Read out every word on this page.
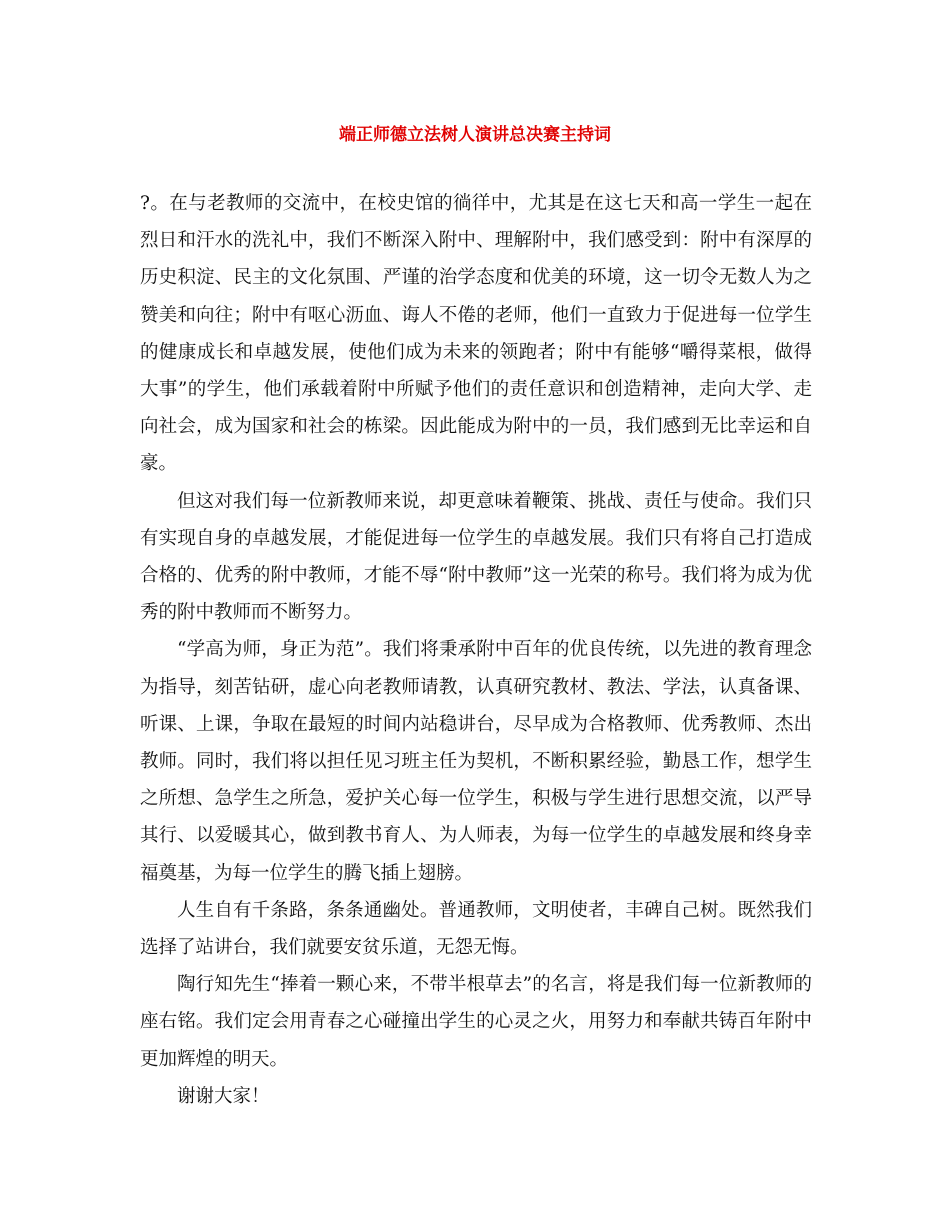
端正师德立法树人演讲总决赛主持词

?。在与老教师的交流中，在校史馆的徜徉中，尤其是在这七天和高一学生一起在烈日和汗水的洗礼中，我们不断深入附中、理解附中，我们感受到：附中有深厚的历史积淀、民主的文化氛围、严谨的治学态度和优美的环境，这一切令无数人为之赞美和向往；附中有呕心沥血、诲人不倦的老师，他们一直致力于促进每一位学生的健康成长和卓越发展，使他们成为未来的领跑者；附中有能够“嚼得菜根，做得大事”的学生，他们承载着附中所赋予他们的责任意识和创造精神，走向大学、走向社会，成为国家和社会的栋梁。因此能成为附中的一员，我们感到无比幸运和自豪。

但这对我们每一位新教师来说，却更意味着鞭策、挑战、责任与使命。我们只有实现自身的卓越发展，才能促进每一位学生的卓越发展。我们只有将自己打造成合格的、优秀的附中教师，才能不辱“附中教师”这一光荣的称号。我们将为成为优秀的附中教师而不断努力。

“学高为师，身正为范”。我们将秉承附中百年的优良传统，以先进的教育理念为指导，刻苦钻研，虚心向老教师请教，认真研究教材、教法、学法，认真备课、听课、上课，争取在最短的时间内站稳讲台，尽早成为合格教师、优秀教师、杰出教师。同时，我们将以担任见习班主任为契机，不断积累经验，勤恳工作，想学生之所想、急学生之所急，爱护关心每一位学生，积极与学生进行思想交流，以严导其行、以爱暖其心，做到教书育人、为人师表，为每一位学生的卓越发展和终身幸福奠基，为每一位学生的腾飞插上翅膀。

人生自有千条路，条条通幽处。普通教师，文明使者，丰碑自己树。既然我们选择了站讲台，我们就要安贫乐道，无怨无悔。

陶行知先生“捧着一颗心来，不带半根草去”的名言，将是我们每一位新教师的座右铭。我们定会用青春之心碰撞出学生的心灵之火，用努力和奉献共铸百年附中更加辉煌的明天。

谢谢大家！
